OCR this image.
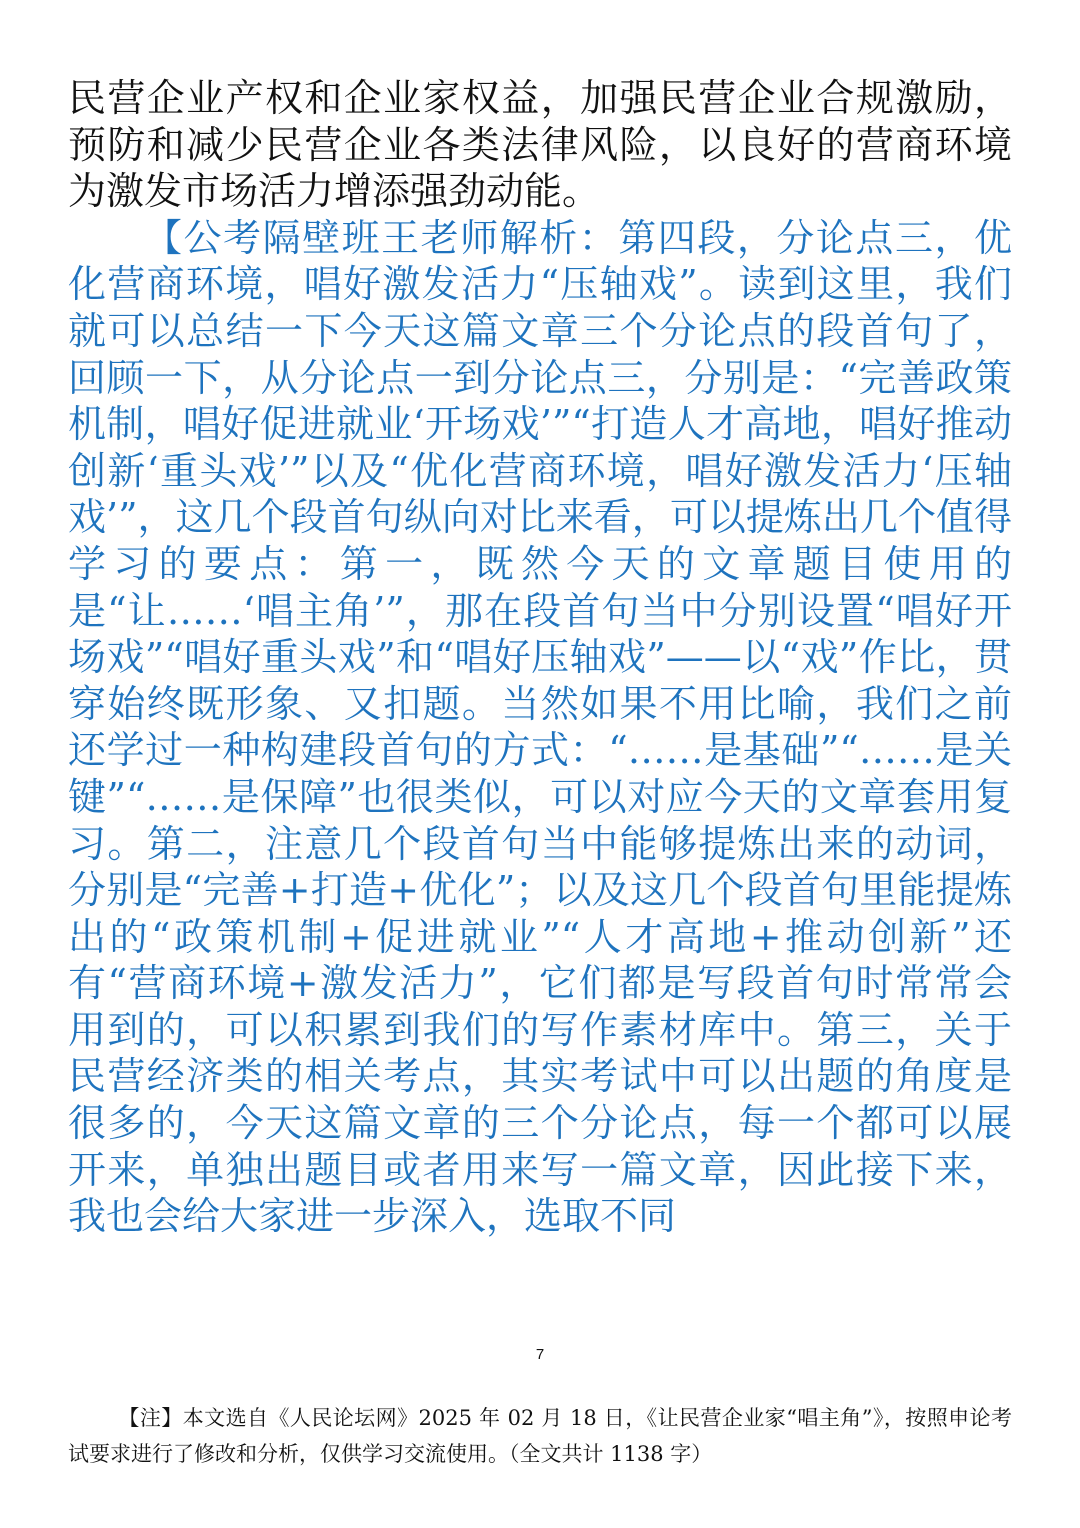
民营企业产权和企业家权益，加强民营企业合规激励，预防和减少民营企业各类法律风险，以良好的营商环境为激发市场活力增添强劲动能。

【公考隔壁班王老师解析：第四段，分论点三，优化营商环境，唱好激发活力“压轴戏”。读到这里，我们就可以总结一下今天这篇文章三个分论点的段首句了，回顾一下，从分论点一到分论点三，分别是：“完善政策机制，唱好促进就业‘开场戏’”“打造人才高地，唱好推动创新‘重头戏’”以及“优化营商环境，唱好激发活力‘压轴戏’”，这几个段首句纵向对比来看，可以提炼出几个值得学习的要点：第一，既然今天的文章题目使用的是“让……‘唱主角’”，那在段首句当中分别设置“唱好开场戏”“唱好重头戏”和“唱好压轴戏”——以“戏”作比，贯穿始终既形象、又扣题。当然如果不用比喻，我们之前还学过一种构建段首句的方式：“……是基础”“……是关键”“……是保障”也很类似，可以对应今天的文章套用复习。第二，注意几个段首句当中能够提炼出来的动词，分别是“完善+打造+优化”；以及这几个段首句里能提炼出的“政策机制+促进就业”“人才高地+推动创新”还有“营商环境+激发活力”，它们都是写段首句时常常会用到的，可以积累到我们的写作素材库中。第三，关于民营经济类的相关考点，其实考试中可以出题的角度是很多的，今天这篇文章的三个分论点，每一个都可以展开来，单独出题目或者用来写一篇文章，因此接下来，我也会给大家进一步深入，选取不同

7

【注】本文选自《人民论坛网》2025 年 02 月 18 日，《让民营企业家“唱主角”》，按照申论考试要求进行了修改和分析，仅供学习交流使用。（全文共计 1138 字）
